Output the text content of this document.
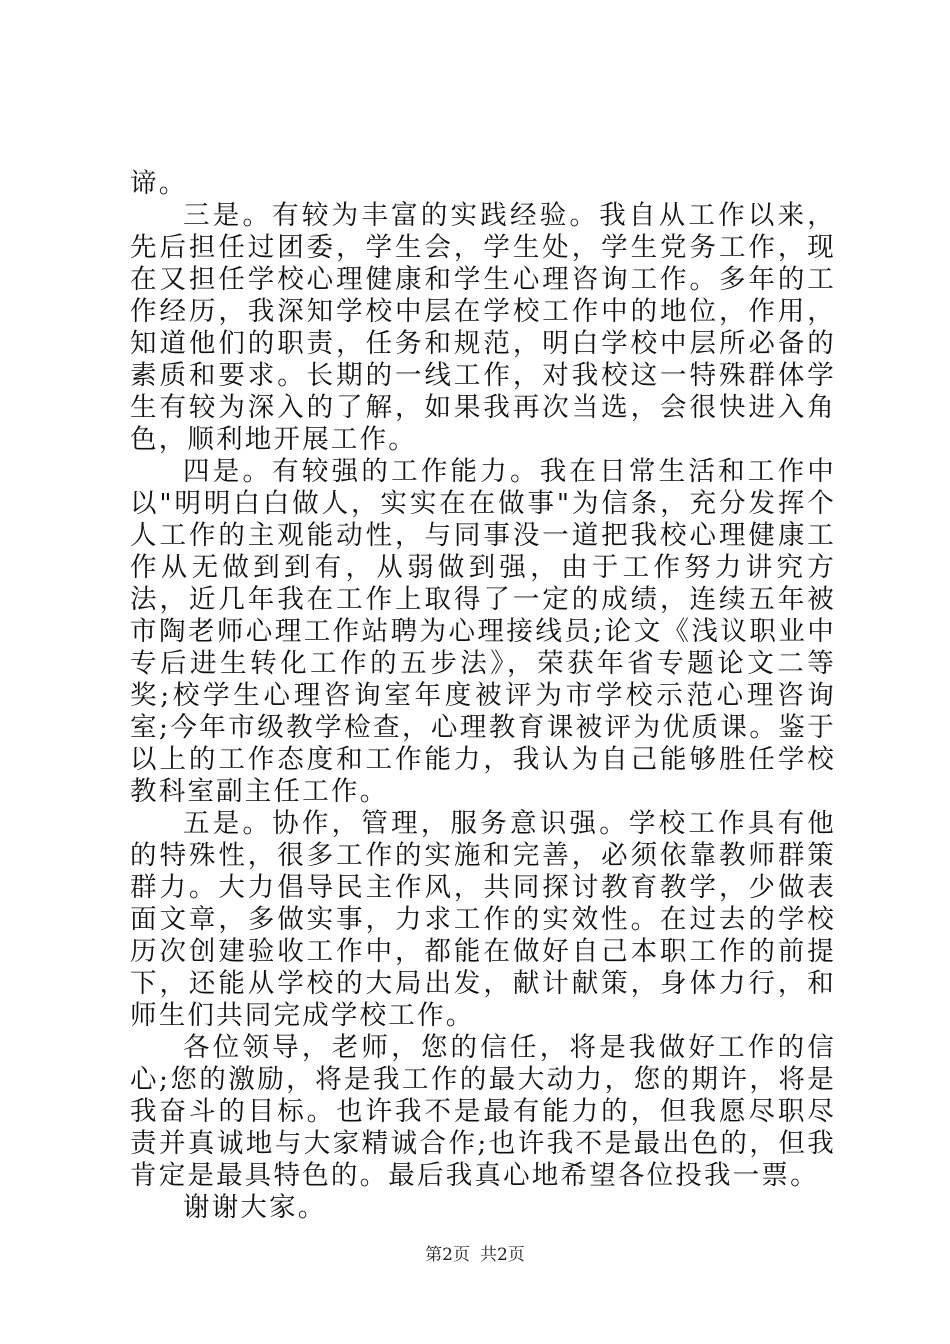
谛。

三是。有较为丰富的实践经验。我自从工作以来，先后担任过团委，学生会，学生处，学生党务工作，现在又担任学校心理健康和学生心理咨询工作。多年的工作经历，我深知学校中层在学校工作中的地位，作用，知道他们的职责，任务和规范，明白学校中层所必备的素质和要求。长期的一线工作，对我校这一特殊群体学生有较为深入的了解，如果我再次当选，会很快进入角色，顺利地开展工作。

四是。有较强的工作能力。我在日常生活和工作中以"明明白白做人，实实在在做事"为信条，充分发挥个人工作的主观能动性，与同事没一道把我校心理健康工作从无做到到有，从弱做到强，由于工作努力讲究方法，近几年我在工作上取得了一定的成绩，连续五年被市陶老师心理工作站聘为心理接线员;论文《浅议职业中专后进生转化工作的五步法》，荣获年省专题论文二等奖;校学生心理咨询室年度被评为市学校示范心理咨询室;今年市级教学检查，心理教育课被评为优质课。鉴于以上的工作态度和工作能力，我认为自己能够胜任学校教科室副主任工作。

五是。协作，管理，服务意识强。学校工作具有他的特殊性，很多工作的实施和完善，必须依靠教师群策群力。大力倡导民主作风，共同探讨教育教学，少做表面文章，多做实事，力求工作的实效性。在过去的学校历次创建验收工作中，都能在做好自己本职工作的前提下，还能从学校的大局出发，献计献策，身体力行，和师生们共同完成学校工作。

各位领导，老师，您的信任，将是我做好工作的信心;您的激励，将是我工作的最大动力，您的期许，将是我奋斗的目标。也许我不是最有能力的，但我愿尽职尽责并真诚地与大家精诚合作;也许我不是最出色的，但我肯定是最具特色的。最后我真心地希望各位投我一票。

谢谢大家。

第2页 共2页
